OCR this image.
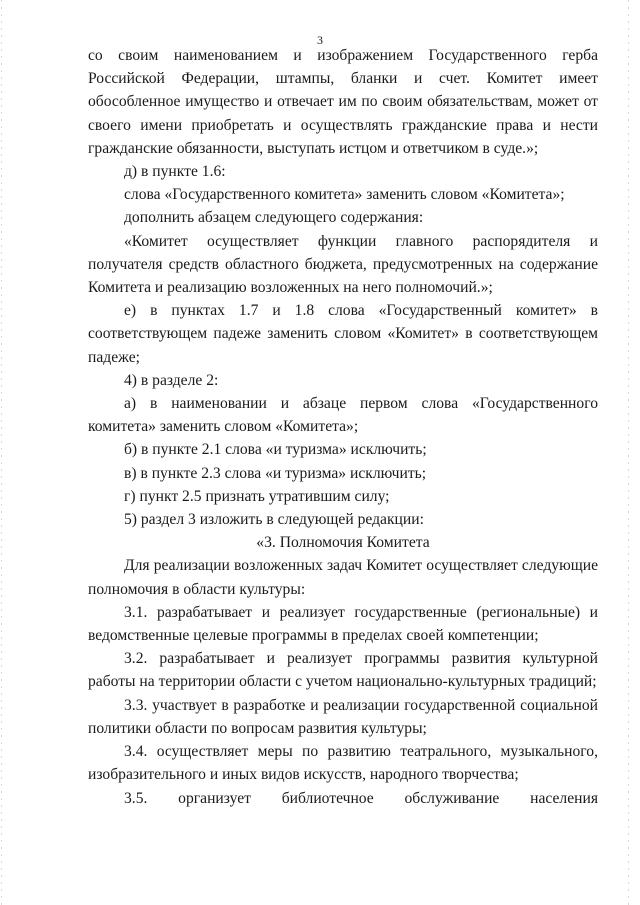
3

со своим наименованием и изображением Государственного герба Российской Федерации, штампы, бланки и счет. Комитет имеет обособленное имущество и отвечает им по своим обязательствам, может от своего имени приобретать и осуществлять гражданские права и нести гражданские обязанности, выступать истцом и ответчиком в суде.»;

д) в пункте 1.6:

слова «Государственного комитета» заменить словом «Комитета»;

дополнить абзацем следующего содержания:

«Комитет осуществляет функции главного распорядителя и получателя средств областного бюджета, предусмотренных на содержание Комитета и реализацию возложенных на него полномочий.»;

е) в пунктах 1.7 и 1.8 слова «Государственный комитет» в соответствующем падеже заменить словом «Комитет» в соответствующем падеже;

4) в разделе 2:

а) в наименовании и абзаце первом слова «Государственного комитета» заменить словом «Комитета»;

б) в пункте 2.1 слова «и туризма» исключить;

в) в пункте 2.3 слова «и туризма» исключить;

г) пункт 2.5 признать утратившим силу;

5) раздел 3 изложить в следующей редакции:

«3. Полномочия Комитета

Для реализации возложенных задач Комитет осуществляет следующие полномочия в области культуры:

3.1. разрабатывает и реализует государственные (региональные) и ведомственные целевые программы в пределах своей компетенции;

3.2. разрабатывает и реализует программы развития культурной работы на территории области с учетом национально-культурных традиций;

3.3. участвует в разработке и реализации государственной социальной политики области по вопросам развития культуры;

3.4. осуществляет меры по развитию театрального, музыкального, изобразительного и иных видов искусств, народного творчества;

3.5. организует библиотечное обслуживание населения
